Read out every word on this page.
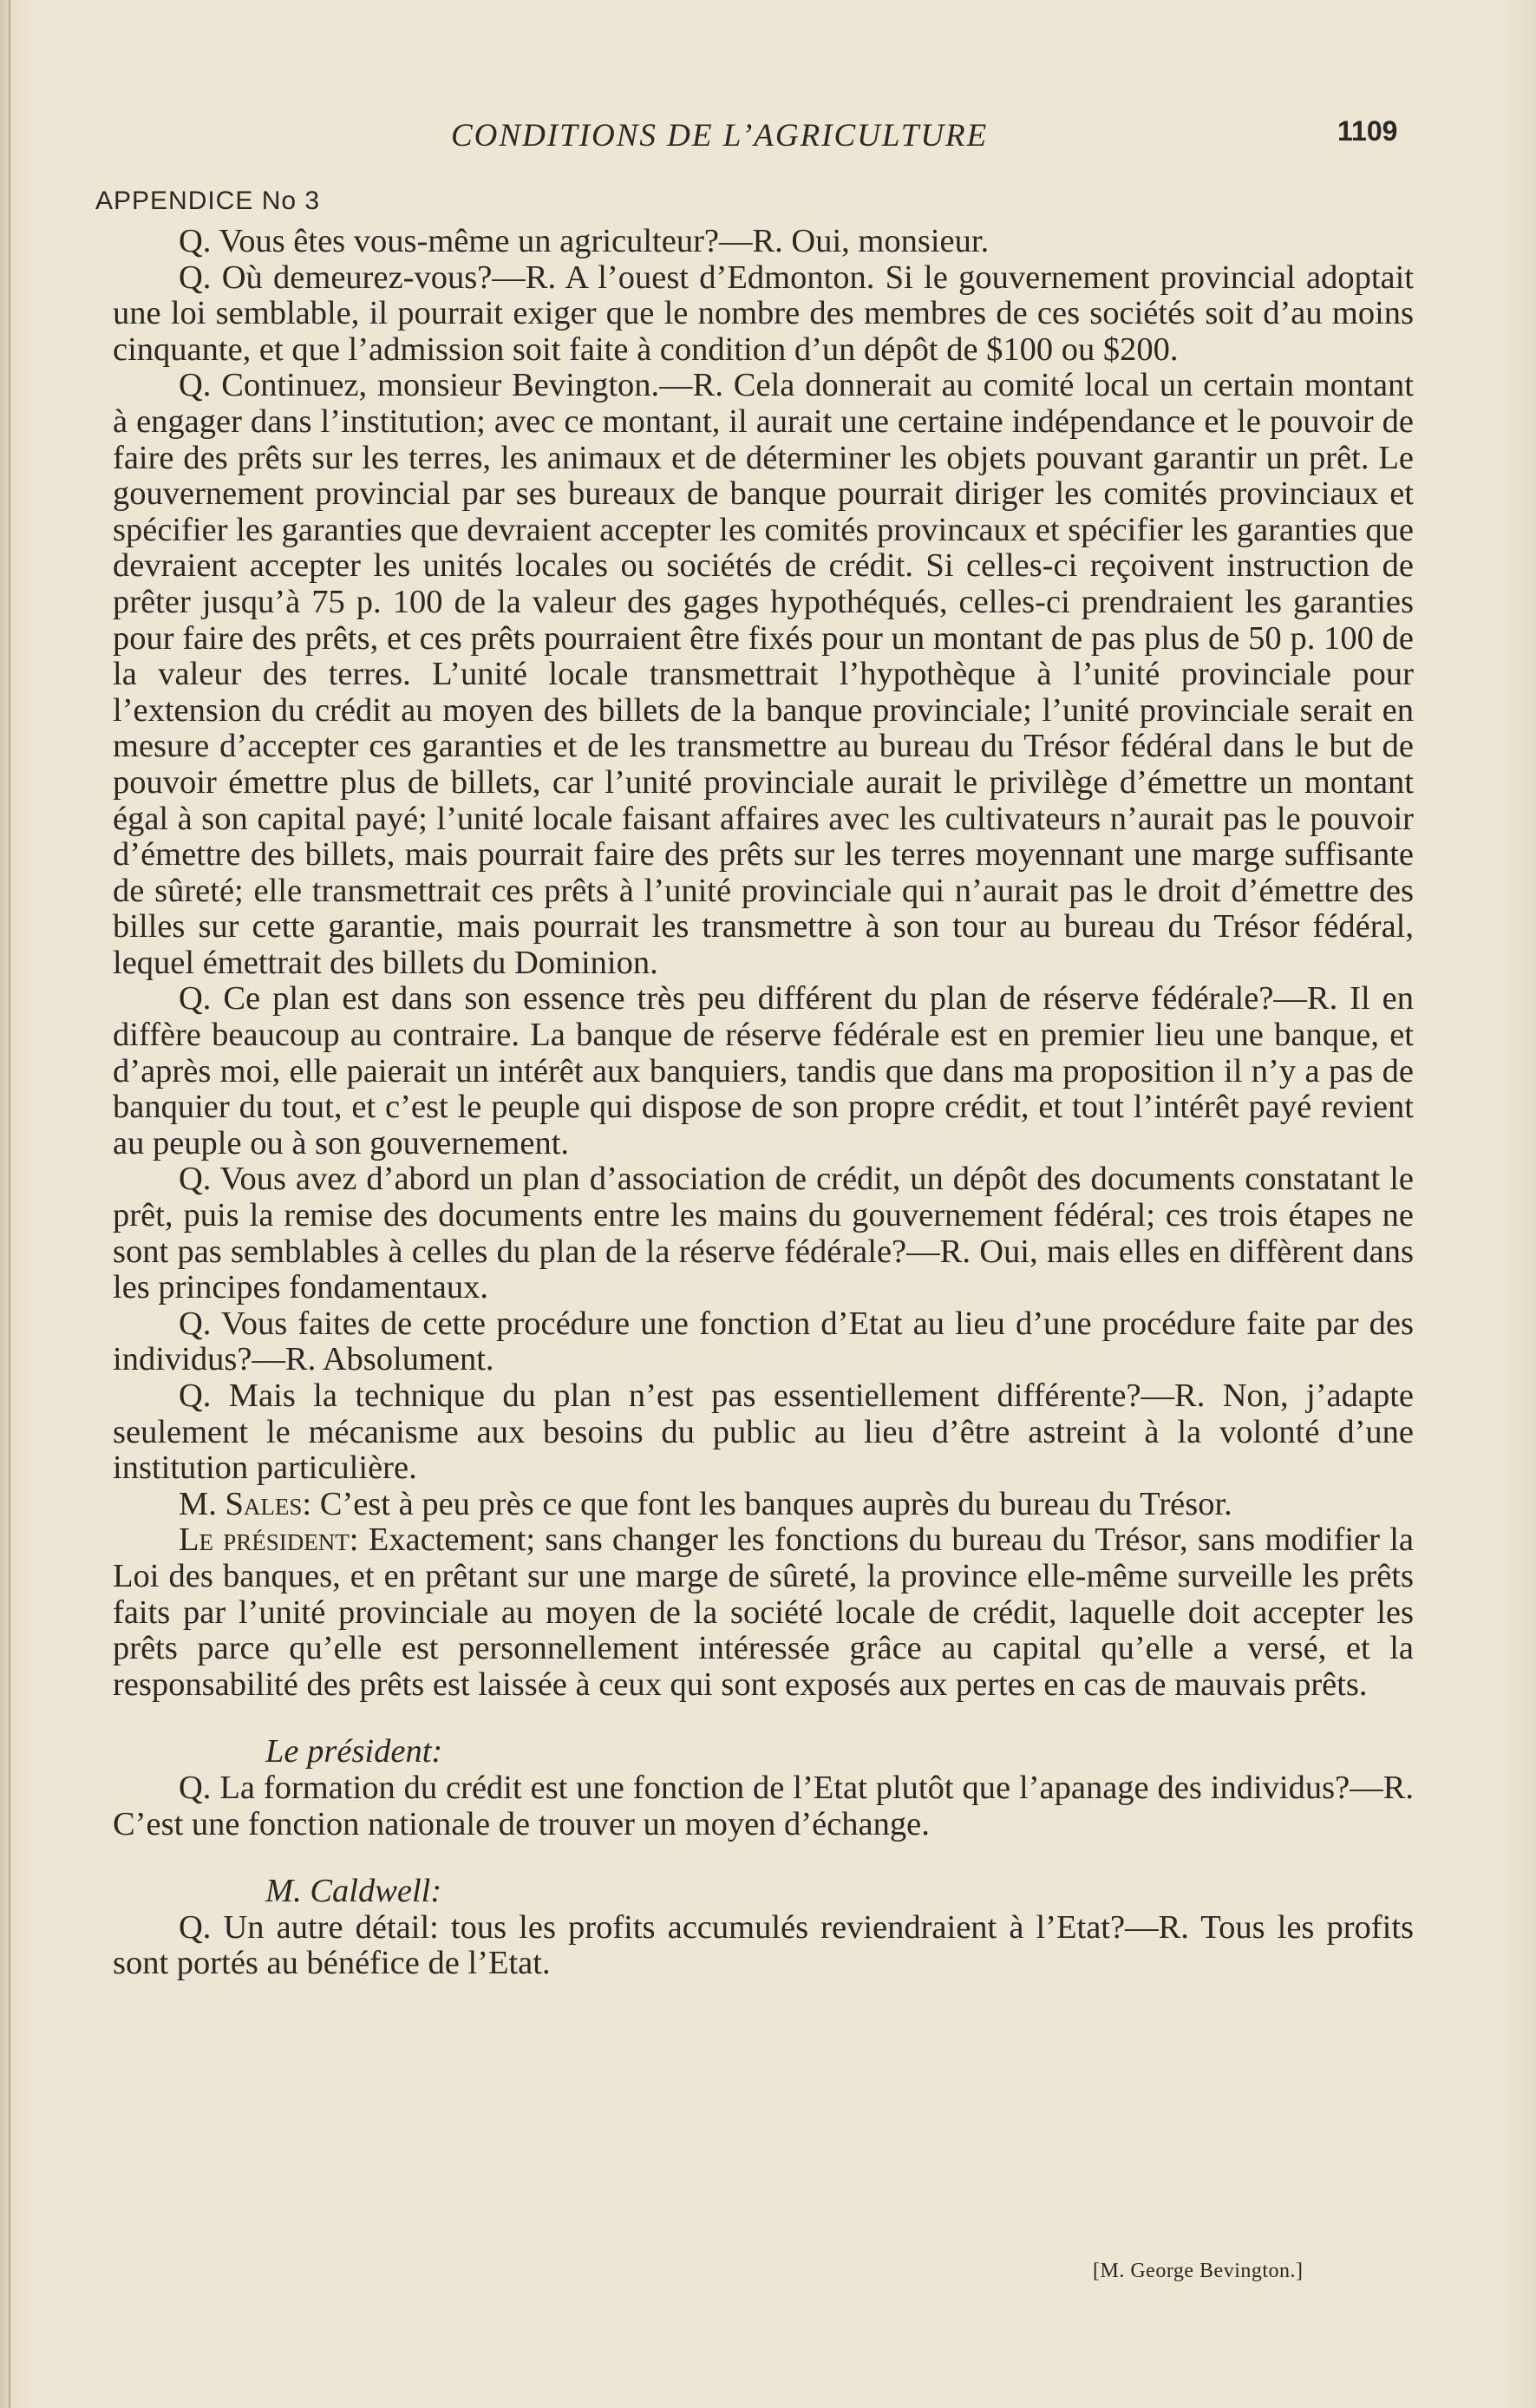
CONDITIONS DE L’AGRICULTURE	1109
APPENDICE No 3

Q. Vous êtes vous-même un agriculteur?—R. Oui, monsieur.

Q. Où demeurez-vous?—R. A l’ouest d’Edmonton. Si le gouvernement provincial adoptait une loi semblable, il pourrait exiger que le nombre des membres de ces sociétés soit d’au moins cinquante, et que l’admission soit faite à condition d’un dépôt de $100 ou $200.

Q. Continuez, monsieur Bevington.—R. Cela donnerait au comité local un certain montant à engager dans l’institution; avec ce montant, il aurait une certaine indépendance et le pouvoir de faire des prêts sur les terres, les animaux et de déterminer les objets pouvant garantir un prêt. Le gouvernement provincial par ses bureaux de banque pourrait diriger les comités provinciaux et spécifier les garanties que devraient accepter les comités provincaux et spécifier les garanties que devraient accepter les unités locales ou sociétés de crédit. Si celles-ci reçoivent instruction de prêter jusqu’à 75 p. 100 de la valeur des gages hypothéqués, celles-ci prendraient les garanties pour faire des prêts, et ces prêts pourraient être fixés pour un montant de pas plus de 50 p. 100 de la valeur des terres. L’unité locale transmettrait l’hypothèque à l’unité provinciale pour l’extension du crédit au moyen des billets de la banque provinciale; l’unité provinciale serait en mesure d’accepter ces garanties et de les transmettre au bureau du Trésor fédéral dans le but de pouvoir émettre plus de billets, car l’unité provinciale aurait le privilège d’émettre un montant égal à son capital payé; l’unité locale faisant affaires avec les cultivateurs n’aurait pas le pouvoir d’émettre des billets, mais pourrait faire des prêts sur les terres moyennant une marge suffisante de sûreté; elle transmettrait ces prêts à l’unité provinciale qui n’aurait pas le droit d’émettre des billes sur cette garantie, mais pourrait les transmettre à son tour au bureau du Trésor fédéral, lequel émettrait des billets du Dominion.

Q. Ce plan est dans son essence très peu différent du plan de réserve fédérale?—R. Il en diffère beaucoup au contraire. La banque de réserve fédérale est en premier lieu une banque, et d’après moi, elle paierait un intérêt aux banquiers, tandis que dans ma proposition il n’y a pas de banquier du tout, et c’est le peuple qui dispose de son propre crédit, et tout l’intérêt payé revient au peuple ou à son gouvernement.

Q. Vous avez d’abord un plan d’association de crédit, un dépôt des documents constatant le prêt, puis la remise des documents entre les mains du gouvernement fédéral; ces trois étapes ne sont pas semblables à celles du plan de la réserve fédérale?—R. Oui, mais elles en diffèrent dans les principes fondamentaux.

Q. Vous faites de cette procédure une fonction d’Etat au lieu d’une procédure faite par des individus?—R. Absolument.

Q. Mais la technique du plan n’est pas essentiellement différente?—R. Non, j’adapte seulement le mécanisme aux besoins du public au lieu d’être astreint à la volonté d’une institution particulière.

M. Sales: C’est à peu près ce que font les banques auprès du bureau du Trésor.

Le président: Exactement; sans changer les fonctions du bureau du Trésor, sans modifier la Loi des banques, et en prêtant sur une marge de sûreté, la province elle-même surveille les prêts faits par l’unité provinciale au moyen de la société locale de crédit, laquelle doit accepter les prêts parce qu’elle est personnellement intéressée grâce au capital qu’elle a versé, et la responsabilité des prêts est laissée à ceux qui sont exposés aux pertes en cas de mauvais prêts.

Le président:

Q. La formation du crédit est une fonction de l’Etat plutôt que l’apanage des individus?—R. C’est une fonction nationale de trouver un moyen d’échange.

M. Caldwell:

Q. Un autre détail: tous les profits accumulés reviendraient à l’Etat?—R. Tous les profits sont portés au bénéfice de l’Etat.

[M. George Bevington.]
